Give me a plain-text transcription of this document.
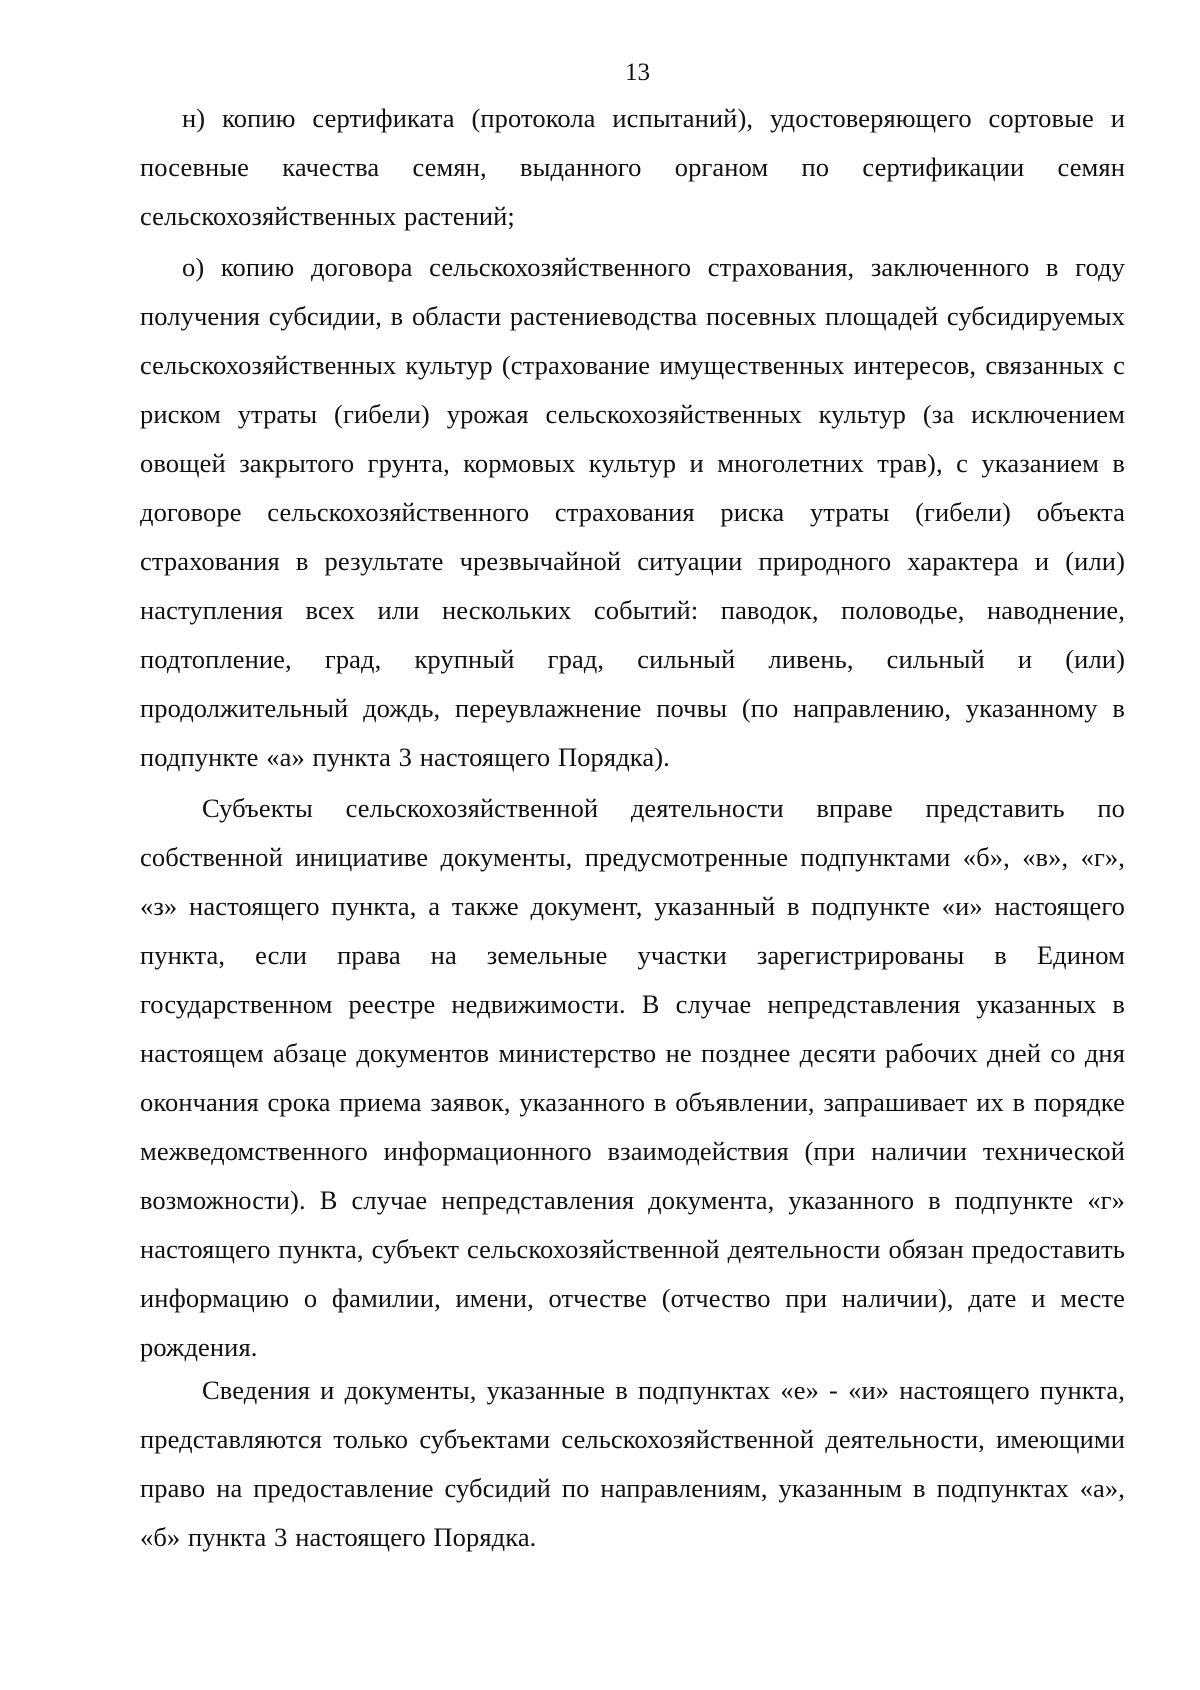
13

н) копию сертификата (протокола испытаний), удостоверяющего сортовые и посевные качества семян, выданного органом по сертификации семян сельскохозяйственных растений;

о) копию договора сельскохозяйственного страхования, заключенного в году получения субсидии, в области растениеводства посевных площадей субсидируемых сельскохозяйственных культур (страхование имущественных интересов, связанных с риском утраты (гибели) урожая сельскохозяйственных культур (за исключением овощей закрытого грунта, кормовых культур и многолетних трав), с указанием в договоре сельскохозяйственного страхования риска утраты (гибели) объекта страхования в результате чрезвычайной ситуации природного характера и (или) наступления всех или нескольких событий: паводок, половодье, наводнение, подтопление, град, крупный град, сильный ливень, сильный и (или) продолжительный дождь, переувлажнение почвы (по направлению, указанному в подпункте «а» пункта 3 настоящего Порядка).

Субъекты сельскохозяйственной деятельности вправе представить по собственной инициативе документы, предусмотренные подпунктами «б», «в», «г», «з» настоящего пункта, а также документ, указанный в подпункте «и» настоящего пункта, если права на земельные участки зарегистрированы в Едином государственном реестре недвижимости. В случае непредставления указанных в настоящем абзаце документов министерство не позднее десяти рабочих дней со дня окончания срока приема заявок, указанного в объявлении, запрашивает их в порядке межведомственного информационного взаимодействия (при наличии технической возможности). В случае непредставления документа, указанного в подпункте «г» настоящего пункта, субъект сельскохозяйственной деятельности обязан предоставить информацию о фамилии, имени, отчестве (отчество при наличии), дате и месте рождения.

Сведения и документы, указанные в подпунктах «е» - «и» настоящего пункта, представляются только субъектами сельскохозяйственной деятельности, имеющими право на предоставление субсидий по направлениям, указанным в подпунктах «а», «б» пункта 3 настоящего Порядка.
